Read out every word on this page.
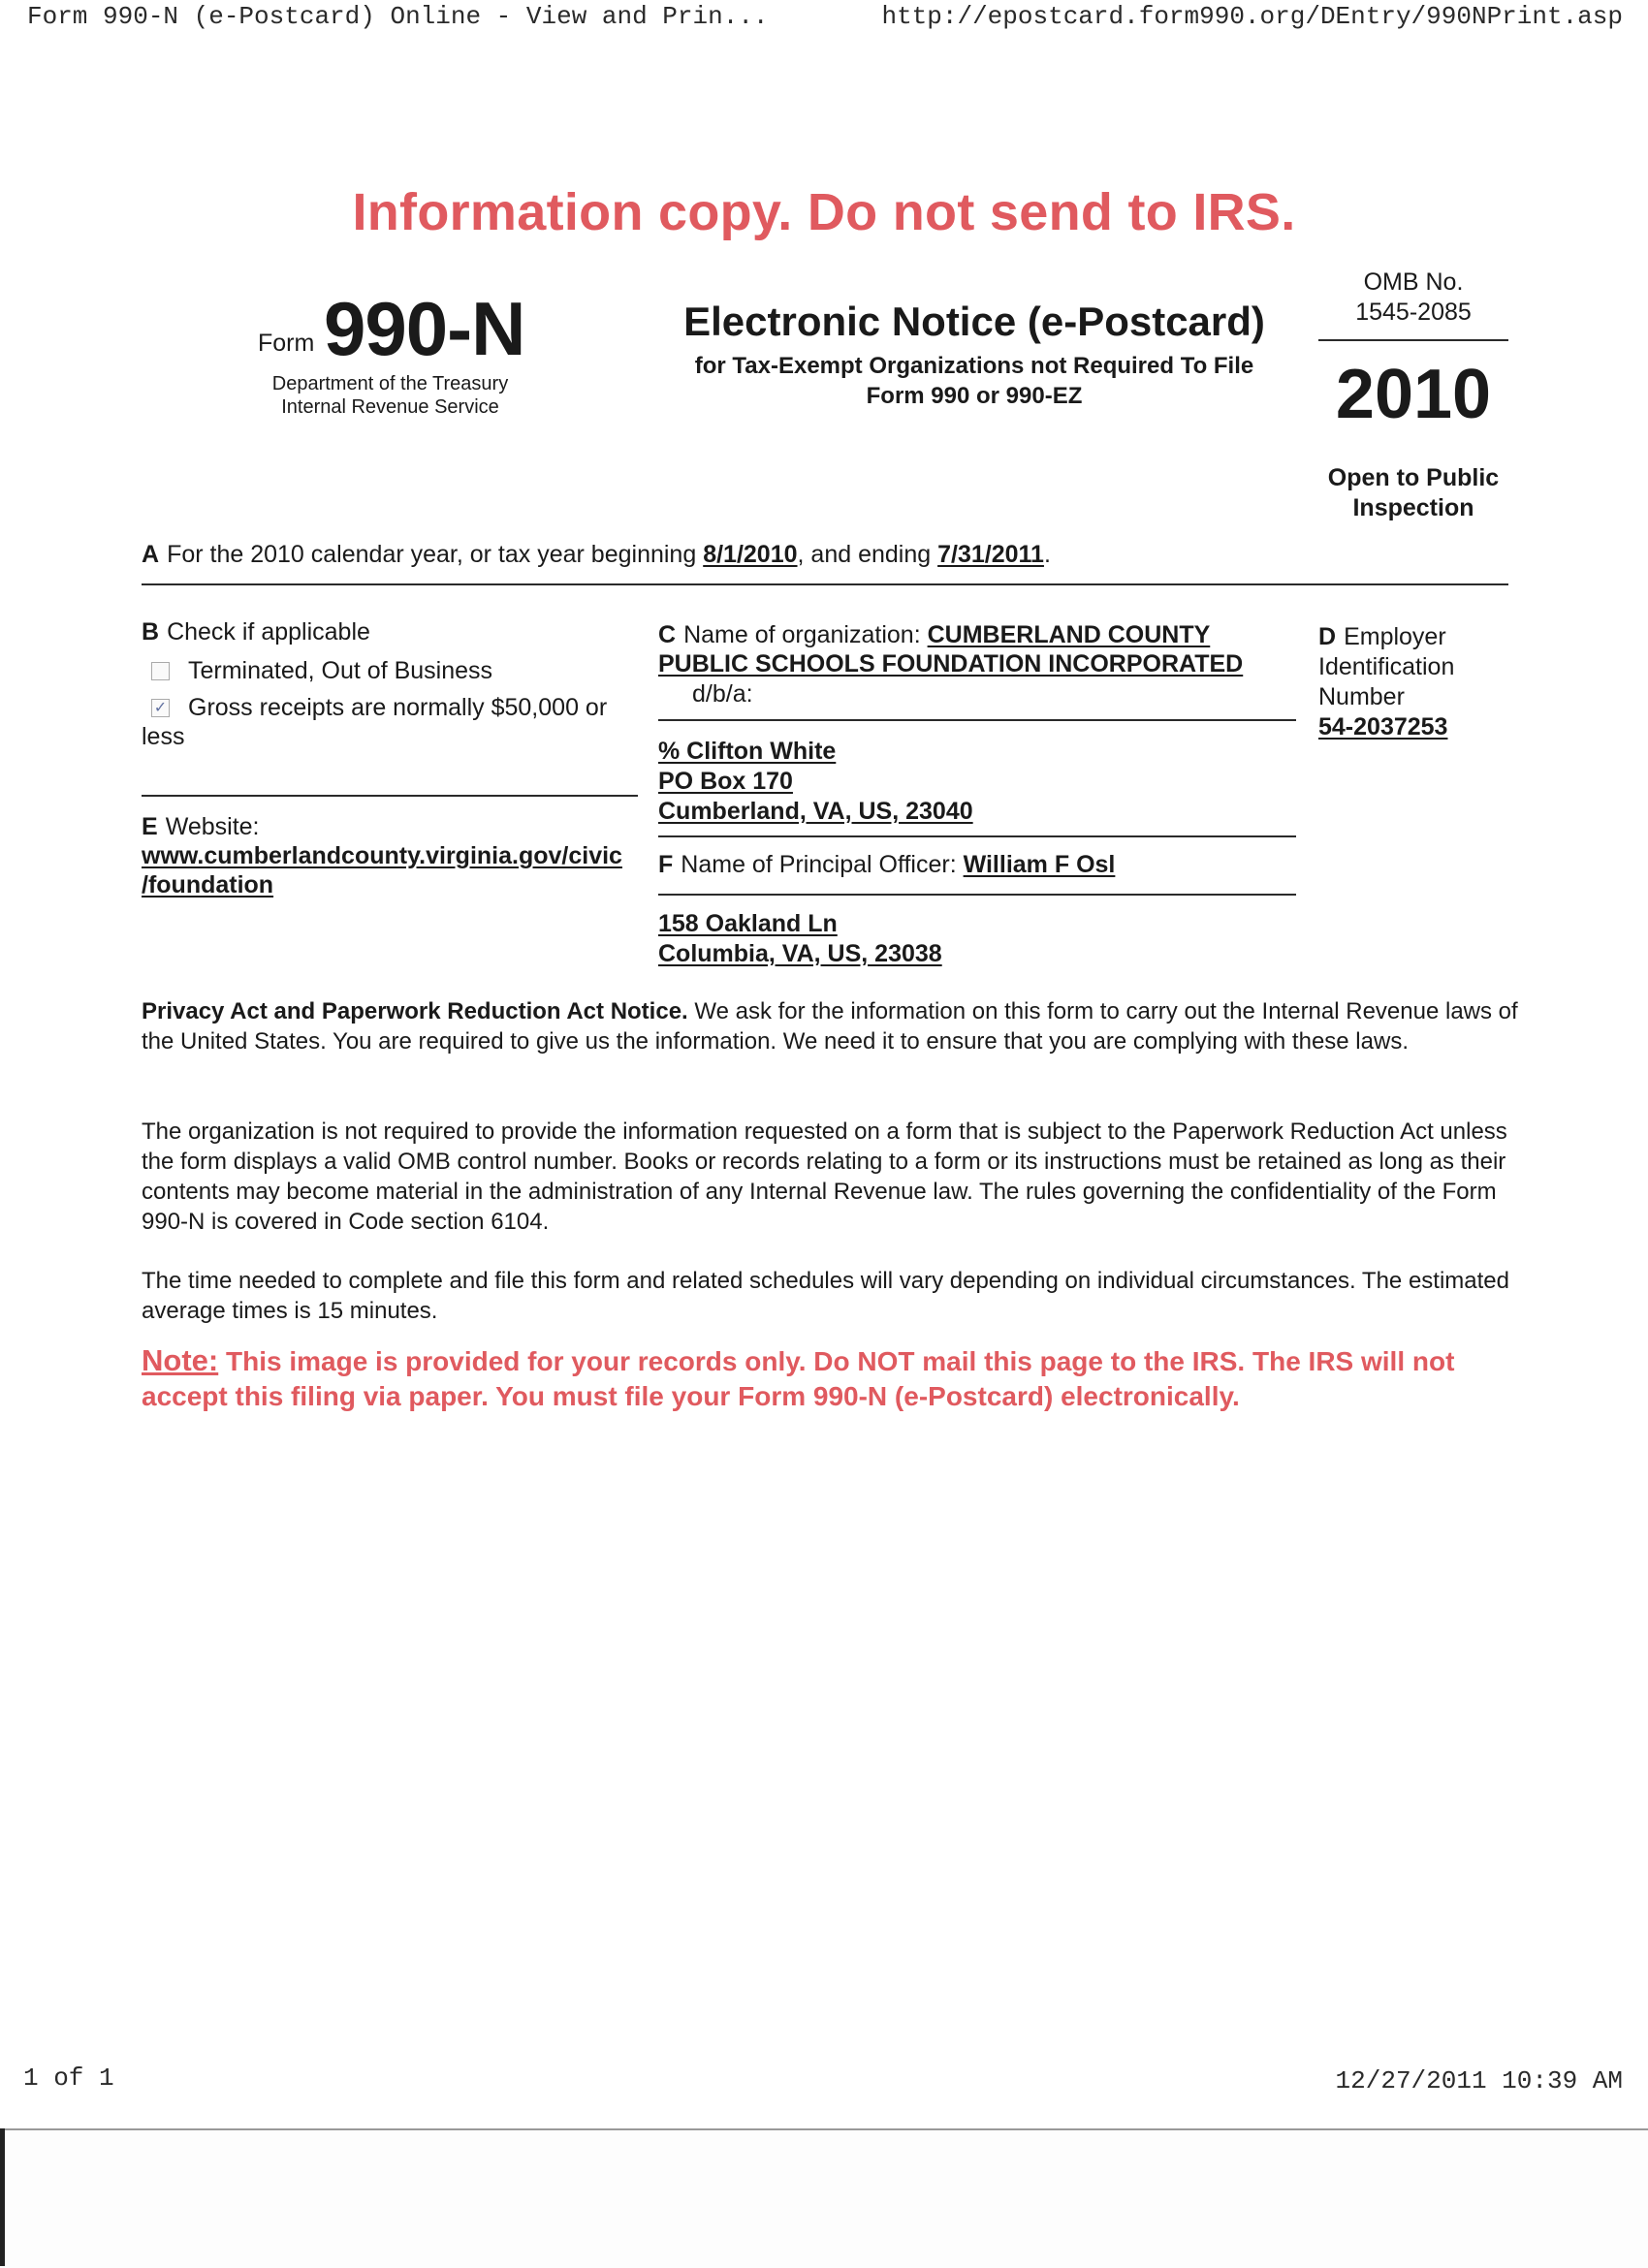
Form 990-N (e-Postcard) Online - View and Prin...	http://epostcard.form990.org/DEntry/990NPrint.asp
Information copy. Do not send to IRS.
Form 990-N
Department of the Treasury
Internal Revenue Service
Electronic Notice (e-Postcard)
for Tax-Exempt Organizations not Required To File
Form 990 or 990-EZ
OMB No.
1545-2085
2010
Open to Public
Inspection
A For the 2010 calendar year, or tax year beginning 8/1/2010, and ending 7/31/2011.
B Check if applicable
Terminated, Out of Business
✓ Gross receipts are normally $50,000 or
less
E Website:
www.cumberlandcounty.virginia.gov/civic
/foundation
C Name of organization: CUMBERLAND COUNTY
PUBLIC SCHOOLS FOUNDATION INCORPORATED
d/b/a:
% Clifton White
PO Box 170
Cumberland, VA, US, 23040
F Name of Principal Officer: William F Osl
158 Oakland Ln
Columbia, VA, US, 23038
D Employer
Identification
Number
54-2037253
Privacy Act and Paperwork Reduction Act Notice. We ask for the information on this form to carry out the Internal Revenue laws of the United States. You are required to give us the information. We need it to ensure that you are complying with these laws.
The organization is not required to provide the information requested on a form that is subject to the Paperwork Reduction Act unless the form displays a valid OMB control number. Books or records relating to a form or its instructions must be retained as long as their contents may become material in the administration of any Internal Revenue law. The rules governing the confidentiality of the Form 990-N is covered in Code section 6104.
The time needed to complete and file this form and related schedules will vary depending on individual circumstances. The estimated average times is 15 minutes.
Note: This image is provided for your records only. Do NOT mail this page to the IRS. The IRS will not accept this filing via paper. You must file your Form 990-N (e-Postcard) electronically.
1 of 1	12/27/2011 10:39 AM
